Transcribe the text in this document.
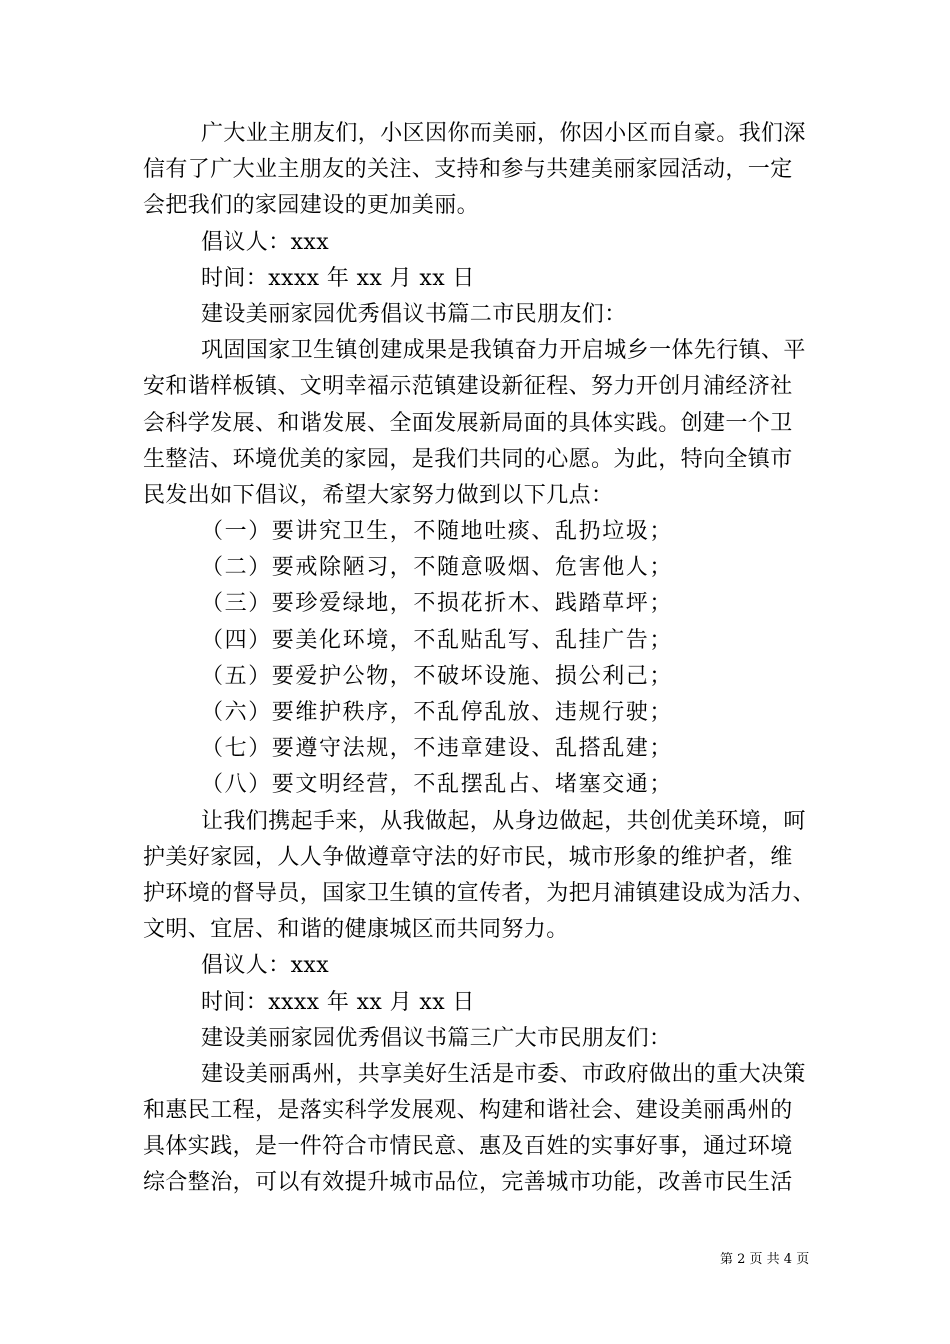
广大业主朋友们，小区因你而美丽，你因小区而自豪。我们深
信有了广大业主朋友的关注、支持和参与共建美丽家园活动，一定
会把我们的家园建设的更加美丽。
倡议人：xxx
时间：xxxx 年 xx 月 xx 日
建设美丽家园优秀倡议书篇二市民朋友们：
巩固国家卫生镇创建成果是我镇奋力开启城乡一体先行镇、平
安和谐样板镇、文明幸福示范镇建设新征程、努力开创月浦经济社
会科学发展、和谐发展、全面发展新局面的具体实践。创建一个卫
生整洁、环境优美的家园，是我们共同的心愿。为此，特向全镇市
民发出如下倡议，希望大家努力做到以下几点：
（一）要讲究卫生，不随地吐痰、乱扔垃圾；
（二）要戒除陋习，不随意吸烟、危害他人；
（三）要珍爱绿地，不损花折木、践踏草坪；
（四）要美化环境，不乱贴乱写、乱挂广告；
（五）要爱护公物，不破坏设施、损公利己；
（六）要维护秩序，不乱停乱放、违规行驶；
（七）要遵守法规，不违章建设、乱搭乱建；
（八）要文明经营，不乱摆乱占、堵塞交通；
让我们携起手来，从我做起，从身边做起，共创优美环境，呵
护美好家园，人人争做遵章守法的好市民，城市形象的维护者，维
护环境的督导员，国家卫生镇的宣传者，为把月浦镇建设成为活力、
文明、宜居、和谐的健康城区而共同努力。
倡议人：xxx
时间：xxxx 年 xx 月 xx 日
建设美丽家园优秀倡议书篇三广大市民朋友们：
建设美丽禹州，共享美好生活是市委、市政府做出的重大决策
和惠民工程，是落实科学发展观、构建和谐社会、建设美丽禹州的
具体实践，是一件符合市情民意、惠及百姓的实事好事，通过环境
综合整治，可以有效提升城市品位，完善城市功能，改善市民生活
第 2 页 共 4 页
